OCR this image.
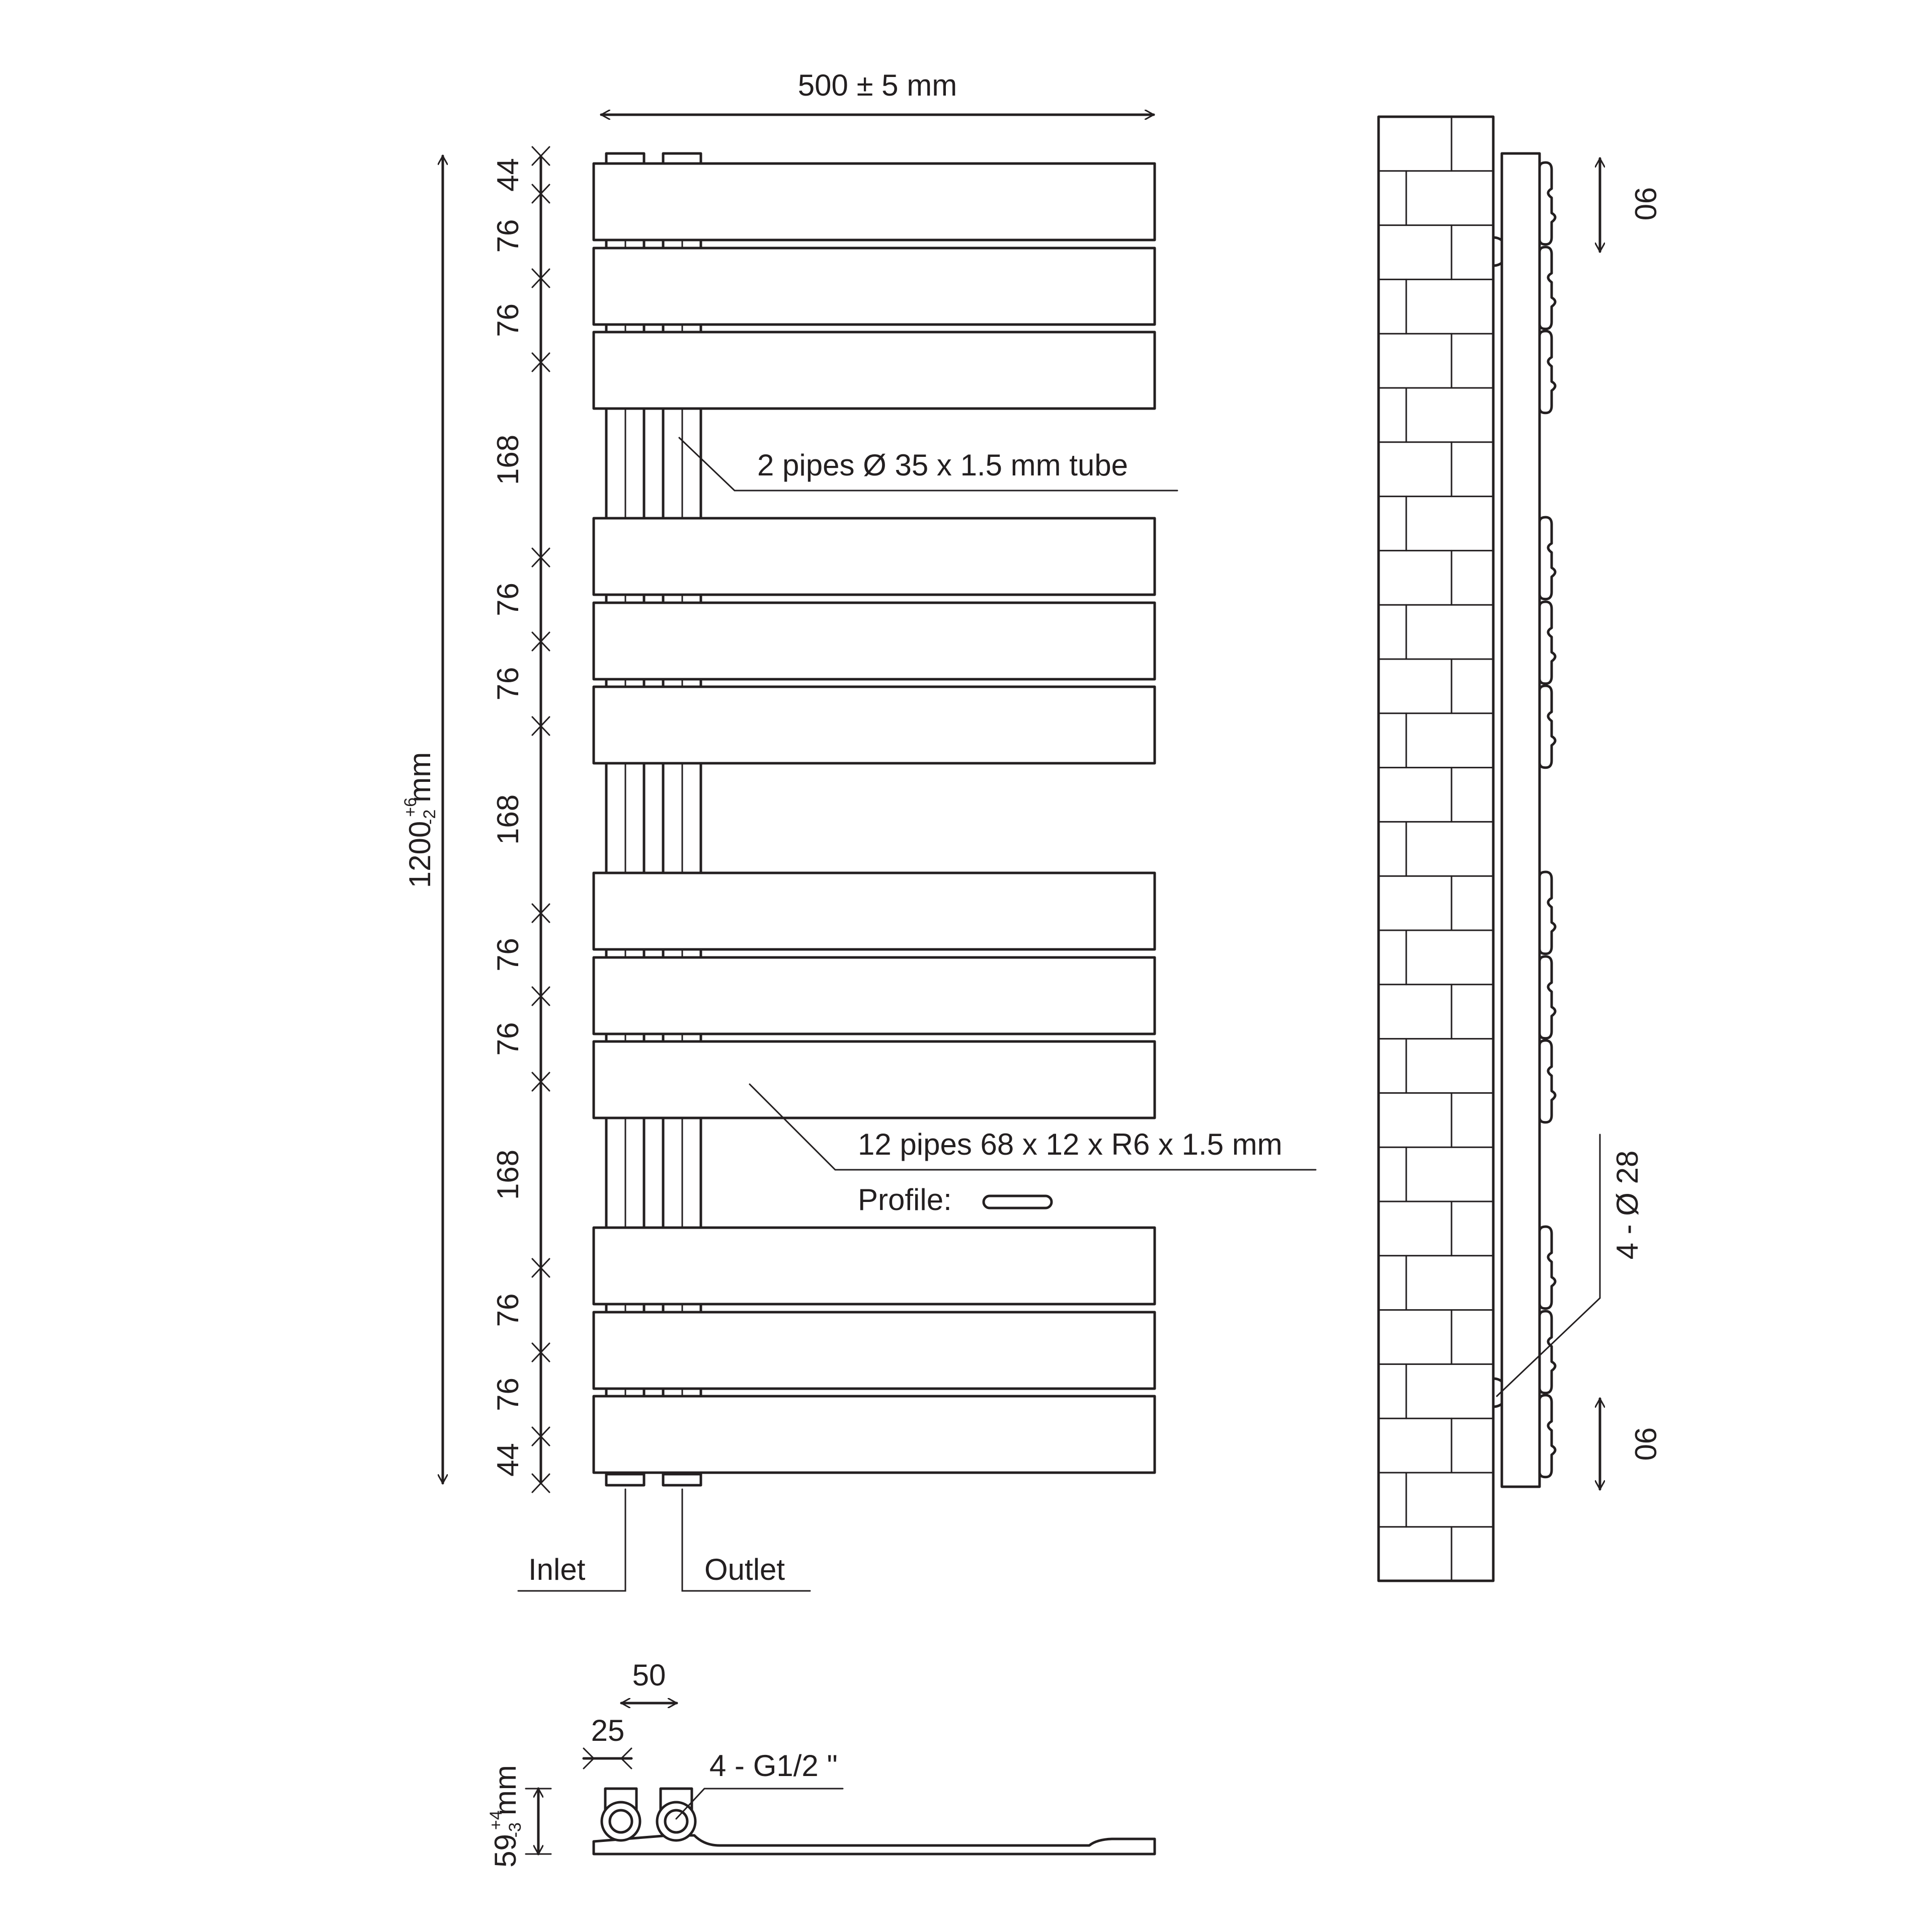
500 ± 5 mm
$1200^{+6}-2mm$
44
76
76
168
76
76
168
76
76
168
76
76
44
2 pipes Ø 35 x 1.5 mm tube
12 pipes 68 x 12 x R6 x 1.5 mm
Profile:
Inlet	Outlet
90
90
4 - Ø 28
50
25
4 - G1/2 "
$59^{+4}-3mm$
